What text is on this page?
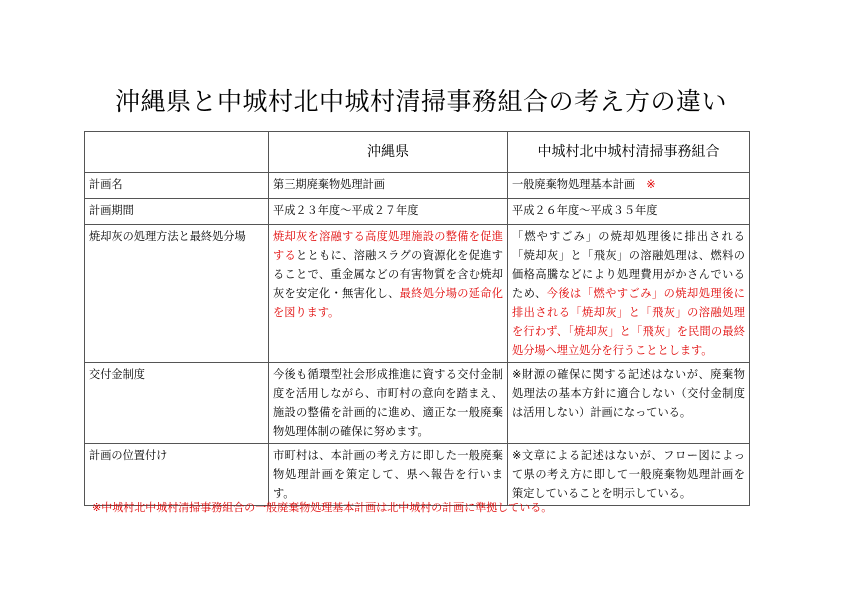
沖縄県と中城村北中城村清掃事務組合の考え方の違い
	沖縄県	中城村北中城村清掃事務組合
計画名	第三期廃棄物処理計画	一般廃棄物処理基本計画　※
計画期間	平成２３年度～平成２７年度	平成２６年度～平成３５年度
焼却灰の処理方法と最終処分場	焼却灰を溶融する高度処理施設の整備を促進するとともに、溶融スラグの資源化を促進することで、重金属などの有害物質を含む焼却灰を安定化・無害化し、最終処分場の延命化を図ります。	「燃やすごみ」の焼却処理後に排出される「焼却灰」と「飛灰」の溶融処理は、燃料の価格高騰などにより処理費用がかさんでいるため、今後は「燃やすごみ」の焼却処理後に排出される「焼却灰」と「飛灰」の溶融処理を行わず、「焼却灰」と「飛灰」を民間の最終処分場へ埋立処分を行うこととします。
交付金制度	今後も循環型社会形成推進に資する交付金制度を活用しながら、市町村の意向を踏まえ、施設の整備を計画的に進め、適正な一般廃棄物処理体制の確保に努めます。	※財源の確保に関する記述はないが、廃棄物処理法の基本方針に適合しない（交付金制度は活用しない）計画になっている。
計画の位置付け	市町村は、本計画の考え方に即した一般廃棄物処理計画を策定して、県へ報告を行います。	※文章による記述はないが、フロー図によって県の考え方に即して一般廃棄物処理計画を策定していることを明示している。
※中城村北中城村清掃事務組合の一般廃棄物処理基本計画は北中城村の計画に準拠している。
